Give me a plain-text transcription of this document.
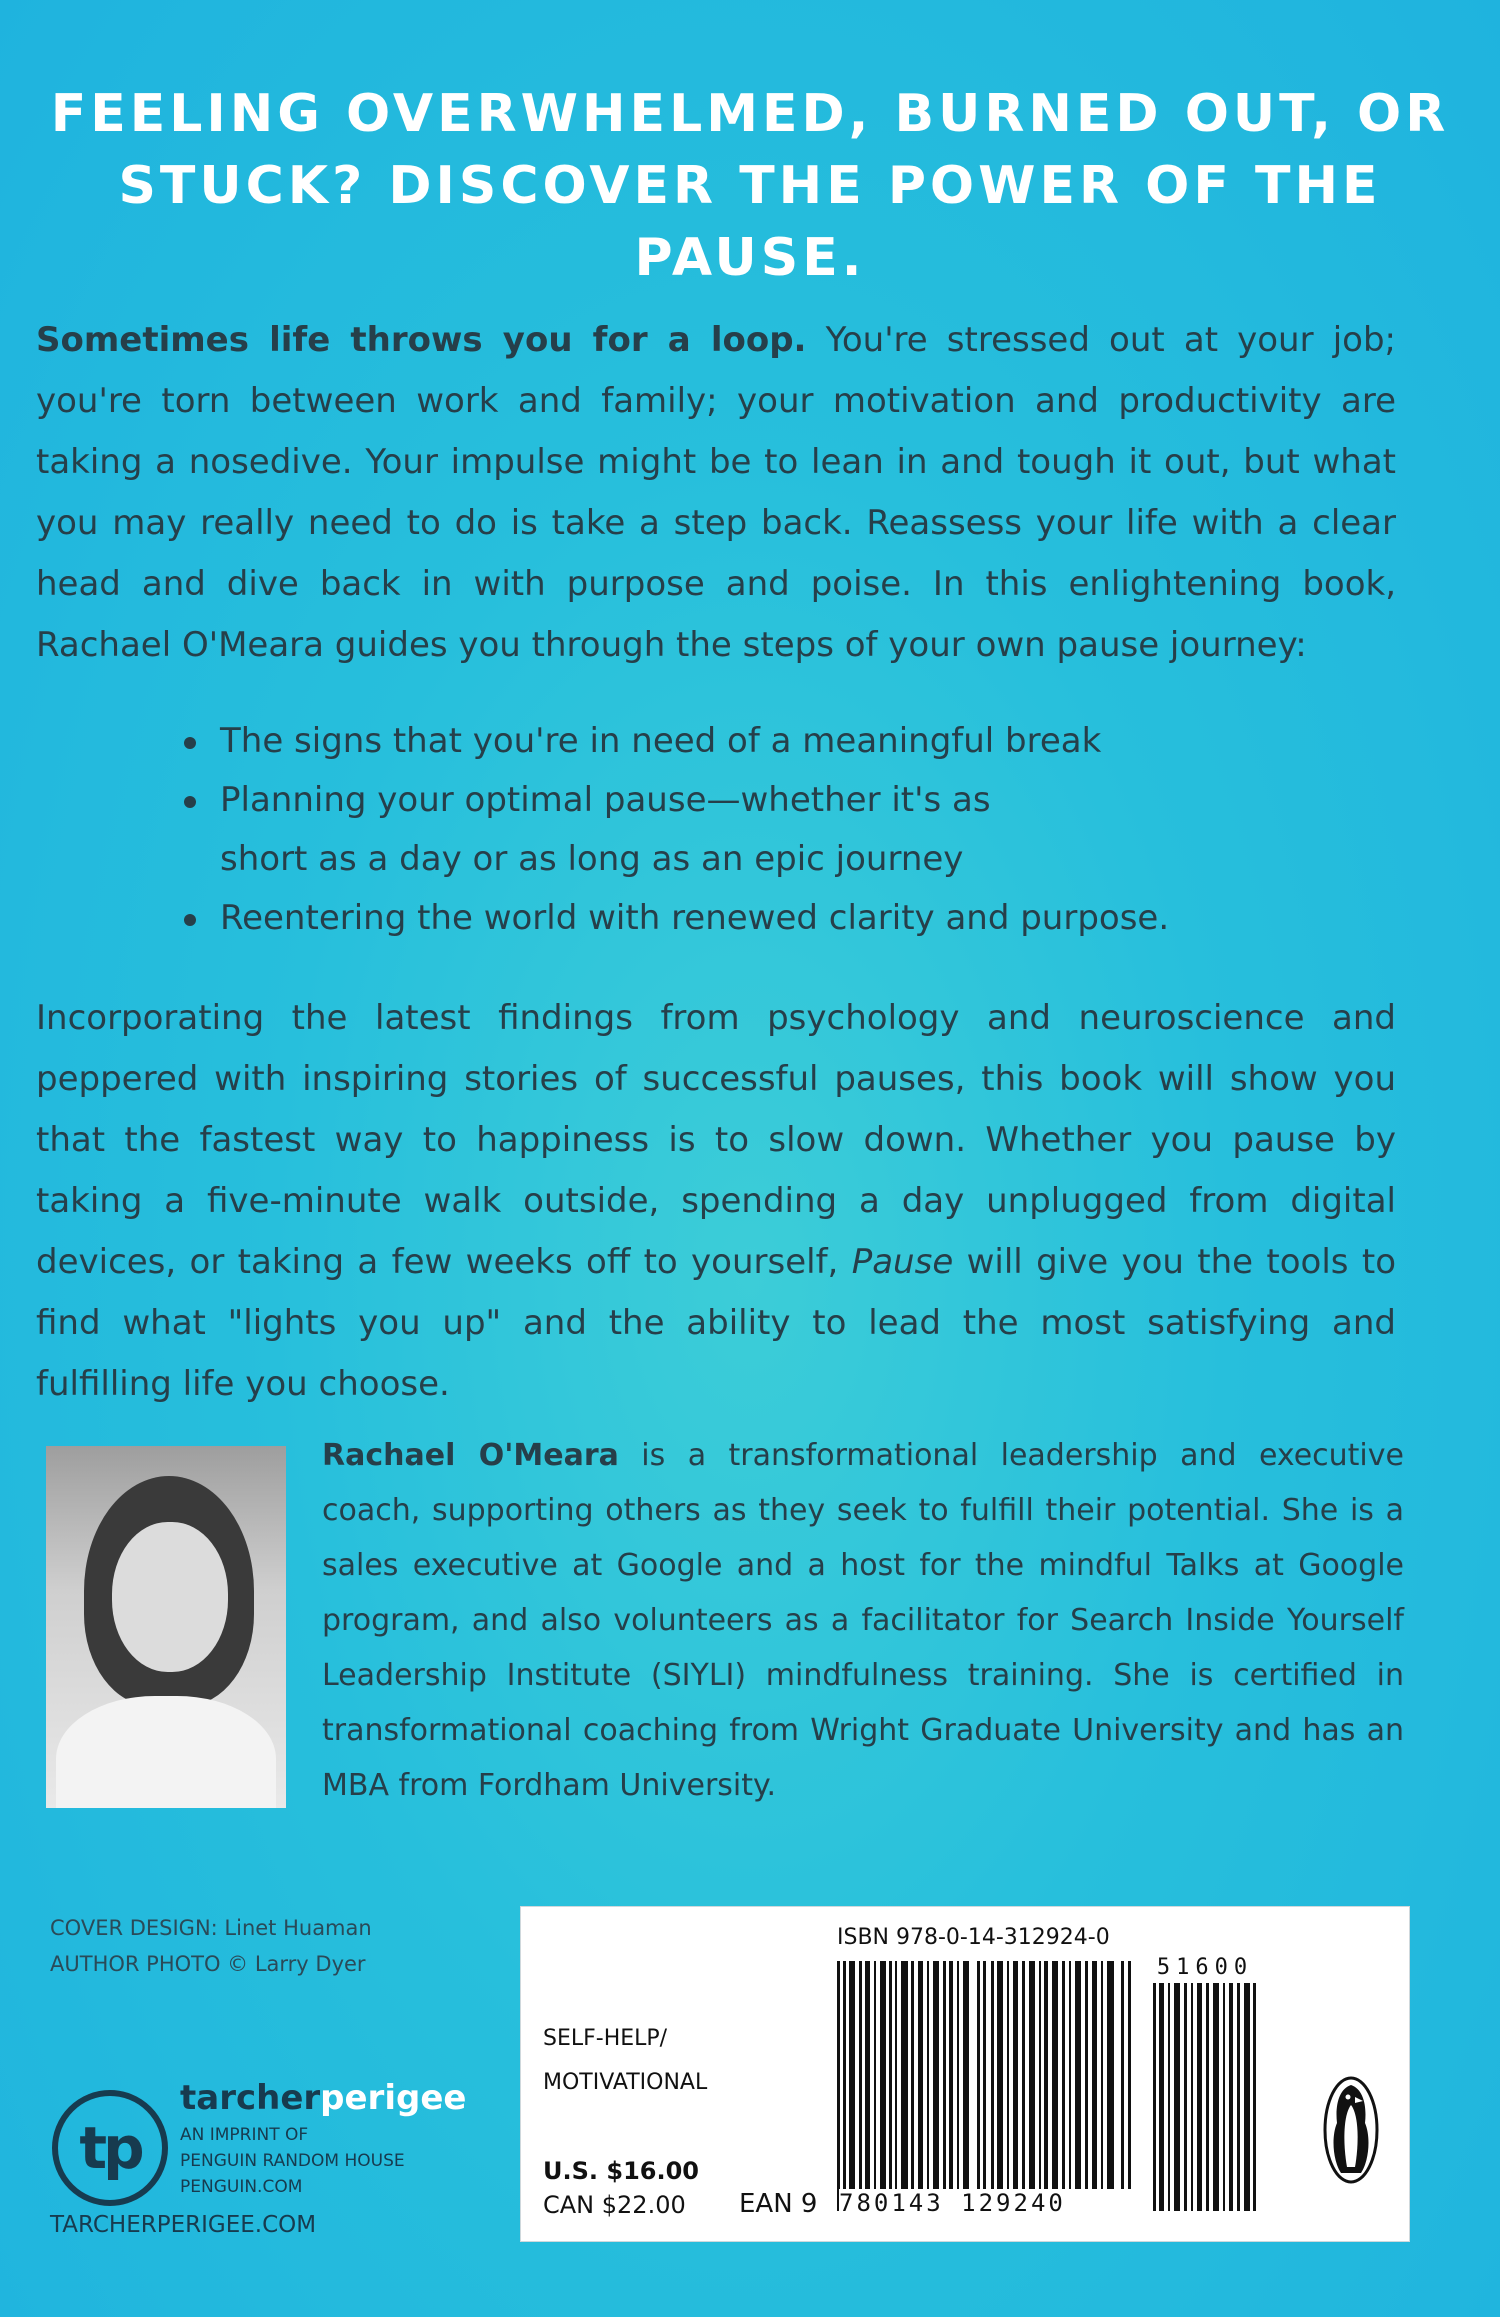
FEELING OVERWHELMED, BURNED OUT, OR
STUCK? DISCOVER THE POWER OF THE PAUSE.
Sometimes life throws you for a loop. You're stressed out at your job; you're torn between work and family; your motivation and productivity are taking a nosedive. Your impulse might be to lean in and tough it out, but what you may really need to do is take a step back. Reassess your life with a clear head and dive back in with purpose and poise. In this enlightening book, Rachael O'Meara guides you through the steps of your own pause journey:
The signs that you're in need of a meaningful break
Planning your optimal pause—whether it's as short as a day or as long as an epic journey
Reentering the world with renewed clarity and purpose.
Incorporating the latest findings from psychology and neuroscience and peppered with inspiring stories of successful pauses, this book will show you that the fastest way to happiness is to slow down. Whether you pause by taking a five-minute walk outside, spending a day unplugged from digital devices, or taking a few weeks off to yourself, Pause will give you the tools to find what "lights you up" and the ability to lead the most satisfying and fulfilling life you choose.
Rachael O'Meara is a transformational leadership and executive coach, supporting others as they seek to fulfill their potential. She is a sales executive at Google and a host for the mindful Talks at Google program, and also volunteers as a facilitator for Search Inside Yourself Leadership Institute (SIYLI) mindfulness training. She is certified in transformational coaching from Wright Graduate University and has an MBA from Fordham University.
COVER DESIGN: Linet Huaman
AUTHOR PHOTO © Larry Dyer
tp
tarcherperigee
AN IMPRINT OF
PENGUIN RANDOM HOUSE
PENGUIN.COM
TARCHERPERIGEE.COM
ISBN 978-0-14-312924-0
SELF-HELP/
MOTIVATIONAL
U.S. $16.00
CAN $22.00 EAN 9 780143 129240
51600
